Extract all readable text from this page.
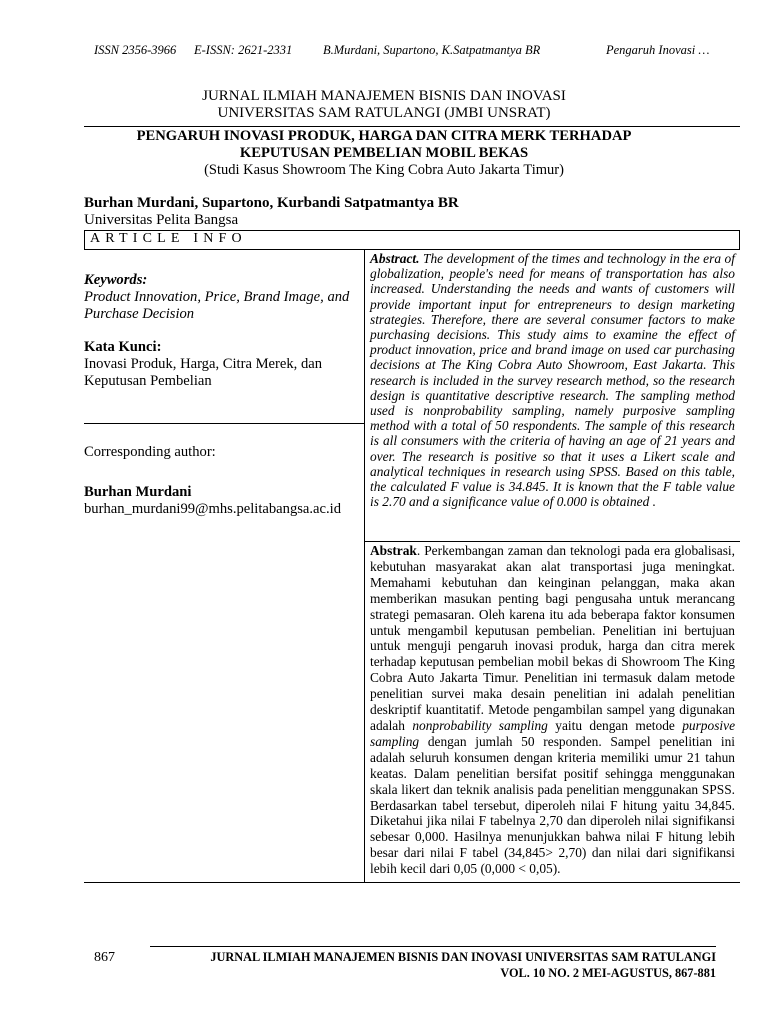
ISSN 2356-3966 E-ISSN: 2621-2331 B.Murdani, Supartono, K.Satpatmantya BR	Pengaruh Inovasi …
JURNAL ILMIAH MANAJEMEN BISNIS DAN INOVASI
UNIVERSITAS SAM RATULANGI (JMBI UNSRAT)
PENGARUH INOVASI PRODUK, HARGA DAN CITRA MERK TERHADAP
KEPUTUSAN PEMBELIAN MOBIL BEKAS
(Studi Kasus Showroom The King Cobra Auto Jakarta Timur)
Burhan Murdani, Supartono, Kurbandi Satpatmantya BR
Universitas Pelita Bangsa
ARTICLE INFO
Keywords:
Product Innovation, Price, Brand Image, and Purchase Decision
Kata Kunci:
Inovasi Produk, Harga, Citra Merek, dan Keputusan Pembelian
Corresponding author:
Burhan Murdani
burhan_murdani99@mhs.pelitabangsa.ac.id
Abstract. The development of the times and technology in the era of globalization, people's need for means of transportation has also increased. Understanding the needs and wants of customers will provide important input for entrepreneurs to design marketing strategies. Therefore, there are several consumer factors to make purchasing decisions. This study aims to examine the effect of product innovation, price and brand image on used car purchasing decisions at The King Cobra Auto Showroom, East Jakarta. This research is included in the survey research method, so the research design is quantitative descriptive research. The sampling method used is nonprobability sampling, namely purposive sampling method with a total of 50 respondents. The sample of this research is all consumers with the criteria of having an age of 21 years and over. The research is positive so that it uses a Likert scale and analytical techniques in research using SPSS. Based on this table, the calculated F value is 34.845. It is known that the F table value is 2.70 and a significance value of 0.000 is obtained .
Abstrak. Perkembangan zaman dan teknologi pada era globalisasi, kebutuhan masyarakat akan alat transportasi juga meningkat. Memahami kebutuhan dan keinginan pelanggan, maka akan memberikan masukan penting bagi pengusaha untuk merancang strategi pemasaran. Oleh karena itu ada beberapa faktor konsumen untuk mengambil keputusan pembelian. Penelitian ini bertujuan untuk menguji pengaruh inovasi produk, harga dan citra merek terhadap keputusan pembelian mobil bekas di Showroom The King Cobra Auto Jakarta Timur. Penelitian ini termasuk dalam metode penelitian survei maka desain penelitian ini adalah penelitian deskriptif kuantitatif. Metode pengambilan sampel yang digunakan adalah nonprobability sampling yaitu dengan metode purposive sampling dengan jumlah 50 responden. Sampel penelitian ini adalah seluruh konsumen dengan kriteria memiliki umur 21 tahun keatas. Dalam penelitian bersifat positif sehingga menggunakan skala likert dan teknik analisis pada penelitian menggunakan SPSS. Berdasarkan tabel tersebut, diperoleh nilai F hitung yaitu 34,845. Diketahui jika nilai F tabelnya 2,70 dan diperoleh nilai signifikansi sebesar 0,000. Hasilnya menunjukkan bahwa nilai F hitung lebih besar dari nilai F tabel (34,845> 2,70) dan nilai dari signifikansi lebih kecil dari 0,05 (0,000 < 0,05).
867	JURNAL ILMIAH MANAJEMEN BISNIS DAN INOVASI UNIVERSITAS SAM RATULANGI
VOL. 10 NO. 2 MEI-AGUSTUS, 867-881
